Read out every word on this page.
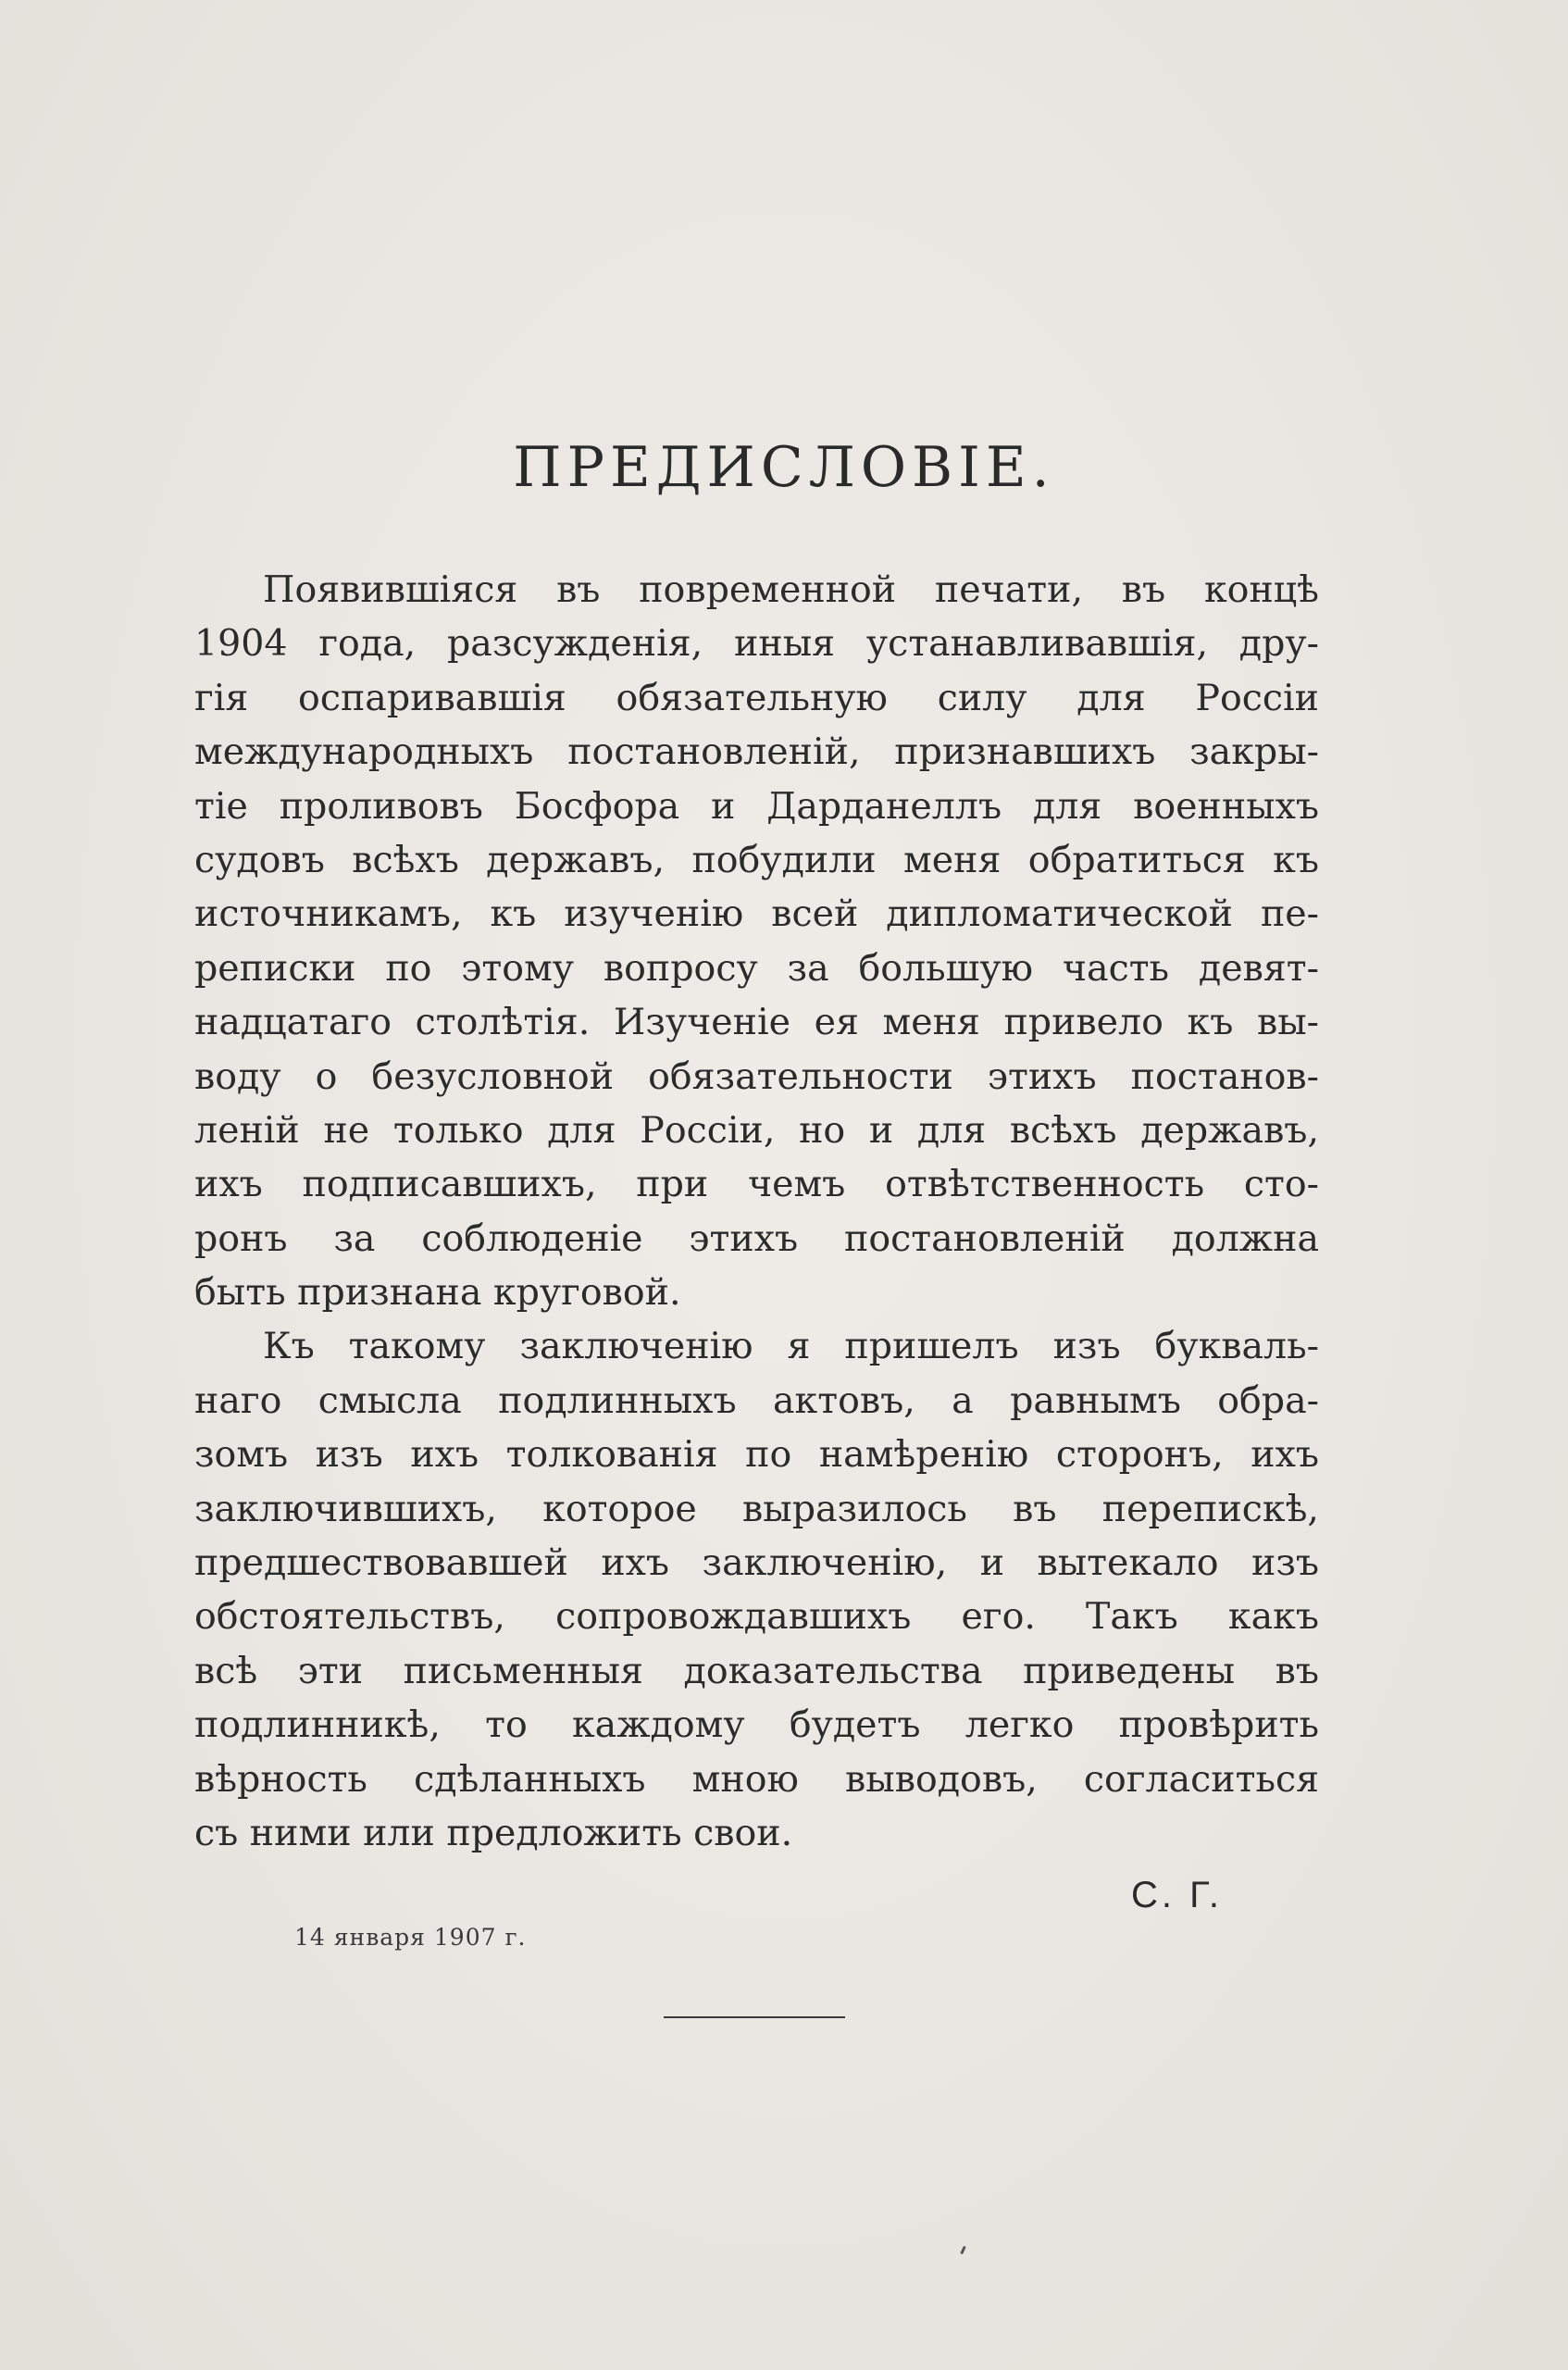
ПРЕДИСЛОВІЕ.
Появившіяся въ повременной печати, въ концѣ
1904 года, разсужденія, иныя устанавливавшія, дру-
гія оспаривавшія обязательную силу для Россіи
международныхъ постановленій, признавшихъ закры-
тіе проливовъ Босфора и Дарданеллъ для военныхъ
судовъ всѣхъ державъ, побудили меня обратиться къ
источникамъ, къ изученію всей дипломатической пе-
реписки по этому вопросу за большую часть девят-
надцатаго столѣтія. Изученіе ея меня привело къ вы-
воду о безусловной обязательности этихъ постанов-
леній не только для Россіи, но и для всѣхъ державъ,
ихъ подписавшихъ, при чемъ отвѣтственность сто-
ронъ за соблюденіе этихъ постановленій должна
быть признана круговой.
Къ такому заключенію я пришелъ изъ букваль-
наго смысла подлинныхъ актовъ, а равнымъ обра-
зомъ изъ ихъ толкованія по намѣренію сторонъ, ихъ
заключившихъ, которое выразилось въ перепискѣ,
предшествовавшей ихъ заключенію, и вытекало изъ
обстоятельствъ, сопровождавшихъ его. Такъ какъ
всѣ эти письменныя доказательства приведены въ
подлинникѣ, то каждому будетъ легко провѣрить
вѣрность сдѣланныхъ мною выводовъ, согласиться
съ ними или предложить свои.
С. Г.
14 января 1907 г.
